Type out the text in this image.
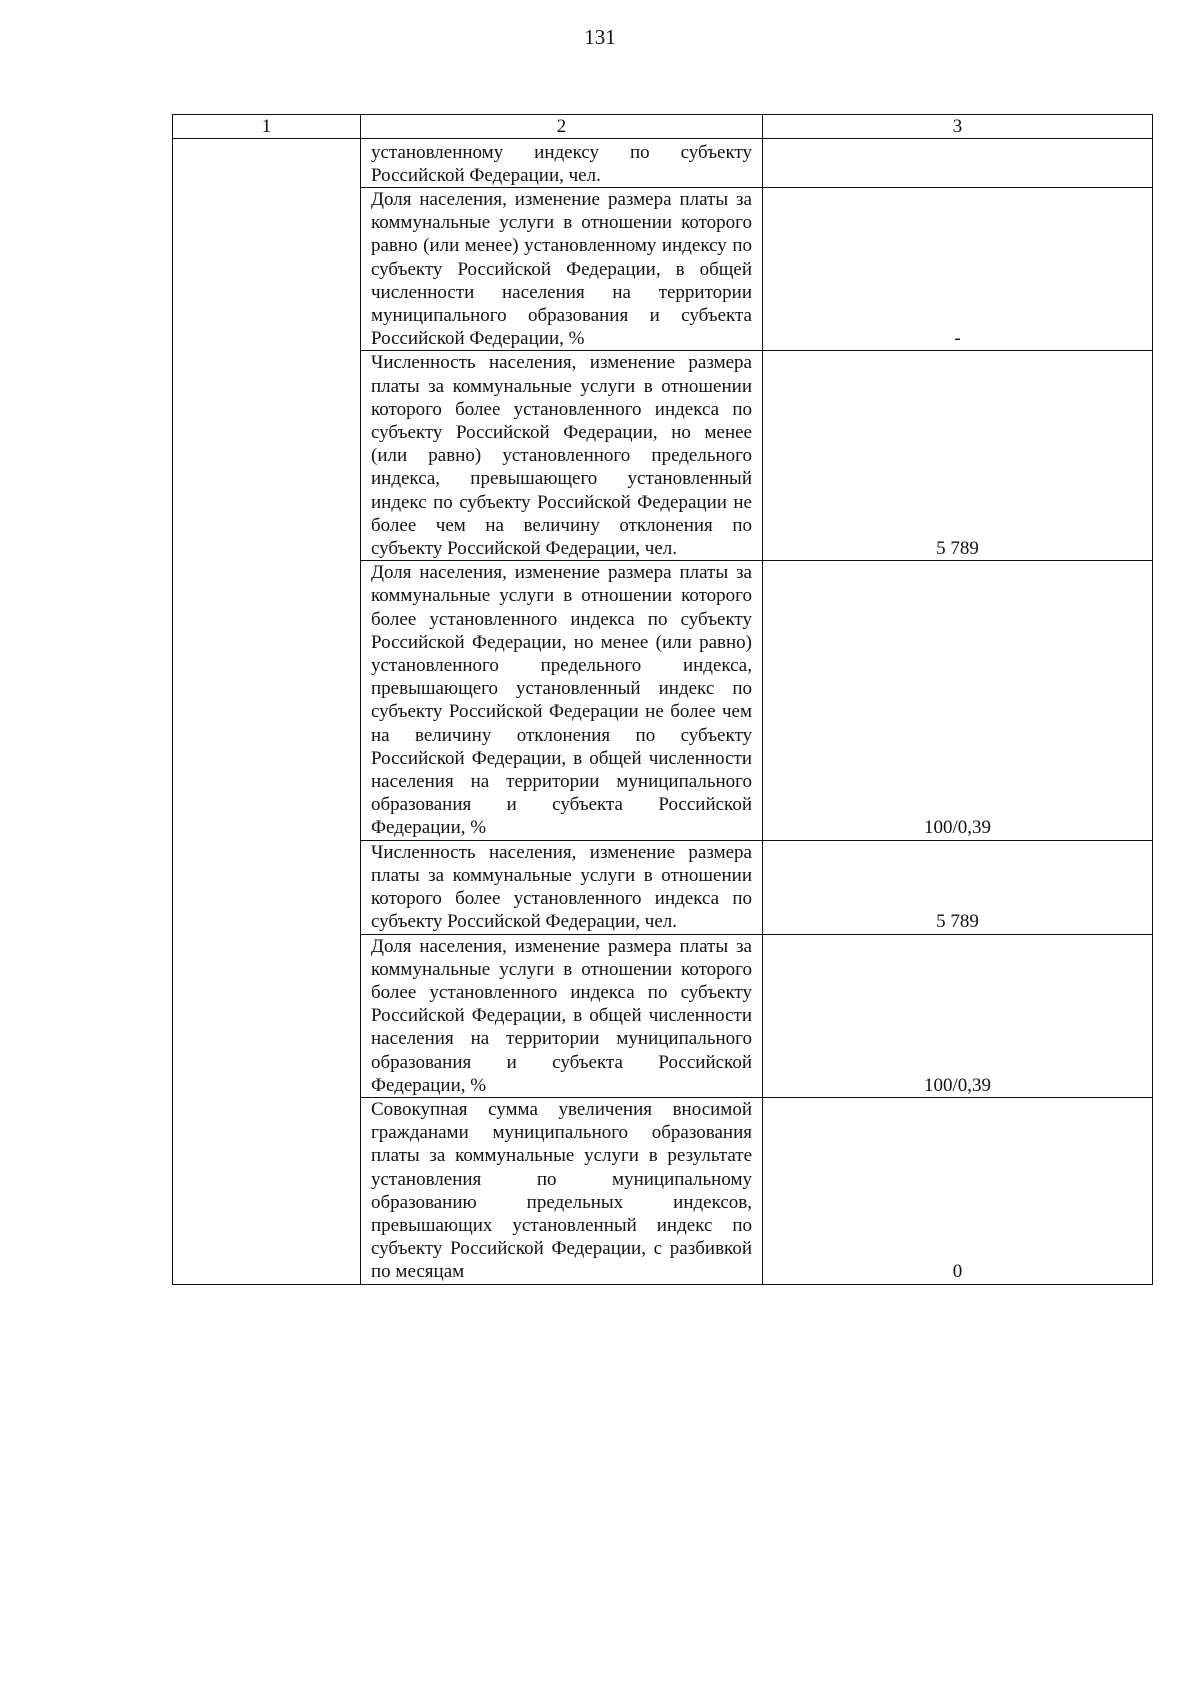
131
1	2	3
	установленному индексу по субъекту Российской Федерации, чел.	
	Доля населения, изменение размера платы за коммунальные услуги в отношении которого равно (или менее) установленному индексу по субъекту Российской Федерации, в общей численности населения на территории муниципального образования и субъекта Российской Федерации, %	-
	Численность населения, изменение размера платы за коммунальные услуги в отношении которого более установленного индекса по субъекту Российской Федерации, но менее (или равно) установленного предельного индекса, превышающего установленный индекс по субъекту Российской Федерации не более чем на величину отклонения по субъекту Российской Федерации, чел.	5 789
	Доля населения, изменение размера платы за коммунальные услуги в отношении которого более установленного индекса по субъекту Российской Федерации, но менее (или равно) установленного предельного индекса, превышающего установленный индекс по субъекту Российской Федерации не более чем на величину отклонения по субъекту Российской Федерации, в общей численности населения на территории муниципального образования и субъекта Российской Федерации, %	100/0,39
	Численность населения, изменение размера платы за коммунальные услуги в отношении которого более установленного индекса по субъекту Российской Федерации, чел.	5 789
	Доля населения, изменение размера платы за коммунальные услуги в отношении которого более установленного индекса по субъекту Российской Федерации, в общей численности населения на территории муниципального образования и субъекта Российской Федерации, %	100/0,39
	Совокупная сумма увеличения вносимой гражданами муниципального образования платы за коммунальные услуги в результате установления по муниципальному образованию предельных индексов, превышающих установленный индекс по субъекту Российской Федерации, с разбивкой по месяцам	0
